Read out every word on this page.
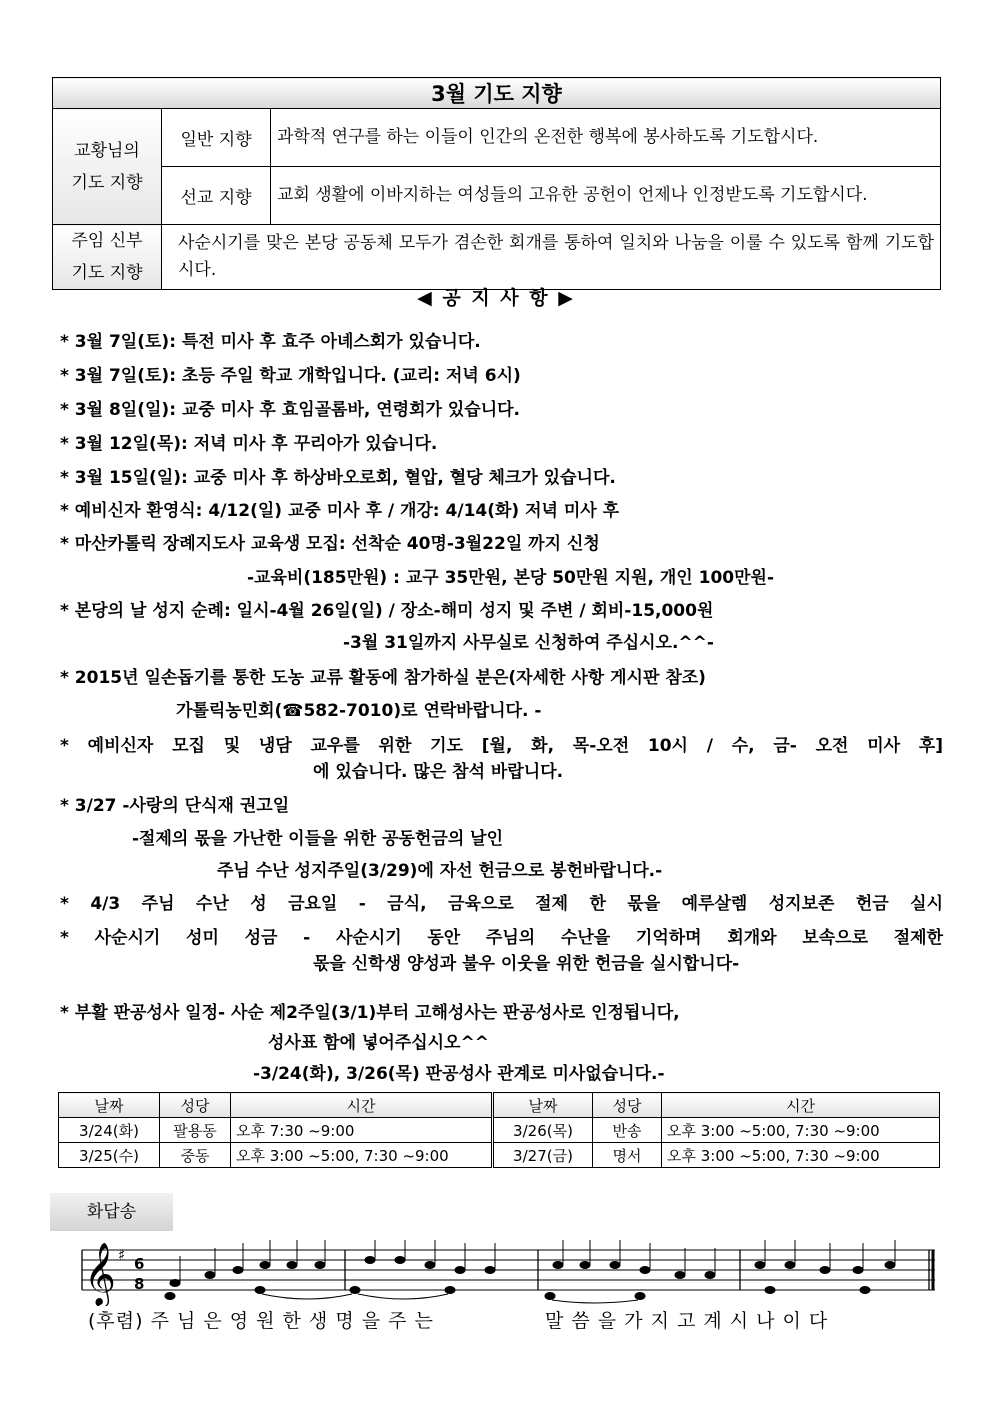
3월 기도 지향		

교황님의
기도 지향	일반 지향	과학적 연구를 하는 이들이 인간의 온전한 행복에 봉사하도록 기도합시다.
	선교 지향	교회 생활에 이바지하는 여성들의 고유한 공헌이 언제나 인정받도록 기도합시다.

주임 신부
기도 지향	사순시기를 맞은 본당 공동체 모두가 겸손한 회개를 통하여 일치와 나눔을 이룰 수 있도록 함께 기도합시다.	
◀ 공 지 사 항 ▶
* 3월 7일(토): 특전 미사 후 효주 아녜스회가 있습니다.
* 3월 7일(토): 초등 주일 학교 개학입니다. (교리: 저녁 6시)
* 3월 8일(일): 교중 미사 후 효임골롬바, 연령회가 있습니다.
* 3월 12일(목): 저녁 미사 후 꾸리아가 있습니다.
* 3월 15일(일): 교중 미사 후 하상바오로회, 혈압, 혈당 체크가 있습니다.
* 예비신자 환영식: 4/12(일) 교중 미사 후 / 개강: 4/14(화) 저녁 미사 후
* 마산카톨릭 장례지도사 교육생 모집: 선착순 40명-3월22일 까지 신청
-교육비(185만원) : 교구 35만원, 본당 50만원 지원, 개인 100만원-
* 본당의 날 성지 순례: 일시-4월 26일(일) / 장소-해미 성지 및 주변 / 회비-15,000원
-3월 31일까지 사무실로 신청하여 주십시오.^^-
* 2015년 일손돕기를 통한 도농 교류 활동에 참가하실 분은(자세한 사항 게시판 참조)
가톨릭농민회(☎582-7010)로 연락바랍니다. -
* 예비신자 모집 및 냉담 교우를 위한 기도 [월, 화, 목-오전 10시 / 수, 금- 오전 미사 후]
에 있습니다. 많은 참석 바랍니다.
* 3/27 -사랑의 단식재 권고일
-절제의 몫을 가난한 이들을 위한 공동헌금의 날인
주님 수난 성지주일(3/29)에 자선 헌금으로 봉헌바랍니다.-
* 4/3 주님 수난 성 금요일 - 금식, 금육으로 절제 한 몫을 예루살렘 성지보존 헌금 실시
* 사순시기 성미 성금 - 사순시기 동안 주님의 수난을 기억하며 회개와 보속으로 절제한
몫을 신학생 양성과 불우 이웃을 위한 헌금을 실시합니다-
* 부활 판공성사 일정- 사순 제2주일(3/1)부터 고해성사는 판공성사로 인정됩니다,
성사표 함에 넣어주십시오^^
-3/24(화), 3/26(목) 판공성사 관계로 미사없습니다.-
날짜	성당	시간	날짜	성당	시간
3/24(화)	팔용동	오후 7:30 ~9:00	3/26(목)	반송	오후 3:00 ~5:00, 7:30 ~9:00
3/25(수)	중동	오후 3:00 ~5:00, 7:30 ~9:00	3/27(금)	명서	오후 3:00 ~5:00, 7:30 ~9:00
화답송
𝄞 ♯ 6
8
(후렴) 주 님 은 영 원 한 생 명 을 주 는	말 씀 을 가 지 고 계 시 나 이 다
